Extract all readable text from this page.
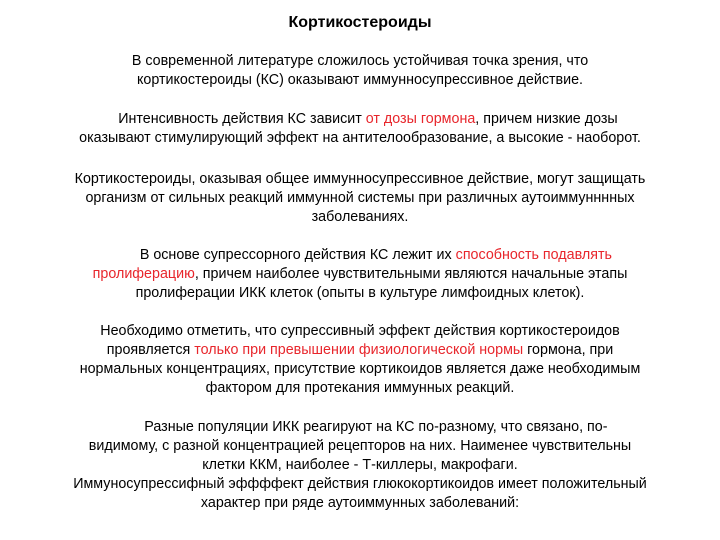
Кортикостероиды
В современной литературе сложилось устойчивая точка зрения, что
кортикостероиды (КС) оказывают иммунносупрессивное действие.
Интенсивность действия КС зависит от дозы гормона, причем низкие дозы
оказывают стимулирующий эффект на антителообразование, а высокие - наоборот.
Кортикостероиды, оказывая общее иммунносупрессивное действие, могут защищать
организм от сильных реакций иммунной системы при различных аутоиммунннных
заболеваниях.
В основе супрессорного действия КС лежит их способность подавлять
пролиферацию, причем наиболее чувствительными являются начальные этапы
пролиферации ИКК клеток (опыты в культуре лимфоидных клеток).
Необходимо отметить, что супрессивный эффект действия кортикостероидов
проявляется только при превышении физиологической нормы гормона, при
нормальных концентрациях, присутствие кортикоидов является даже необходимым
фактором для протекания иммунных реакций.
Разные популяции ИКК реагируют на КС по-разному, что связано, по-
видимому, с разной концентрацией рецепторов на них. Наименее чувствительны
клетки ККМ, наиболее - Т-киллеры, макрофаги.
Иммуносупрессифный эффффект действия глюкокортикоидов имеет положительный
характер при ряде аутоиммунных заболеваний:
